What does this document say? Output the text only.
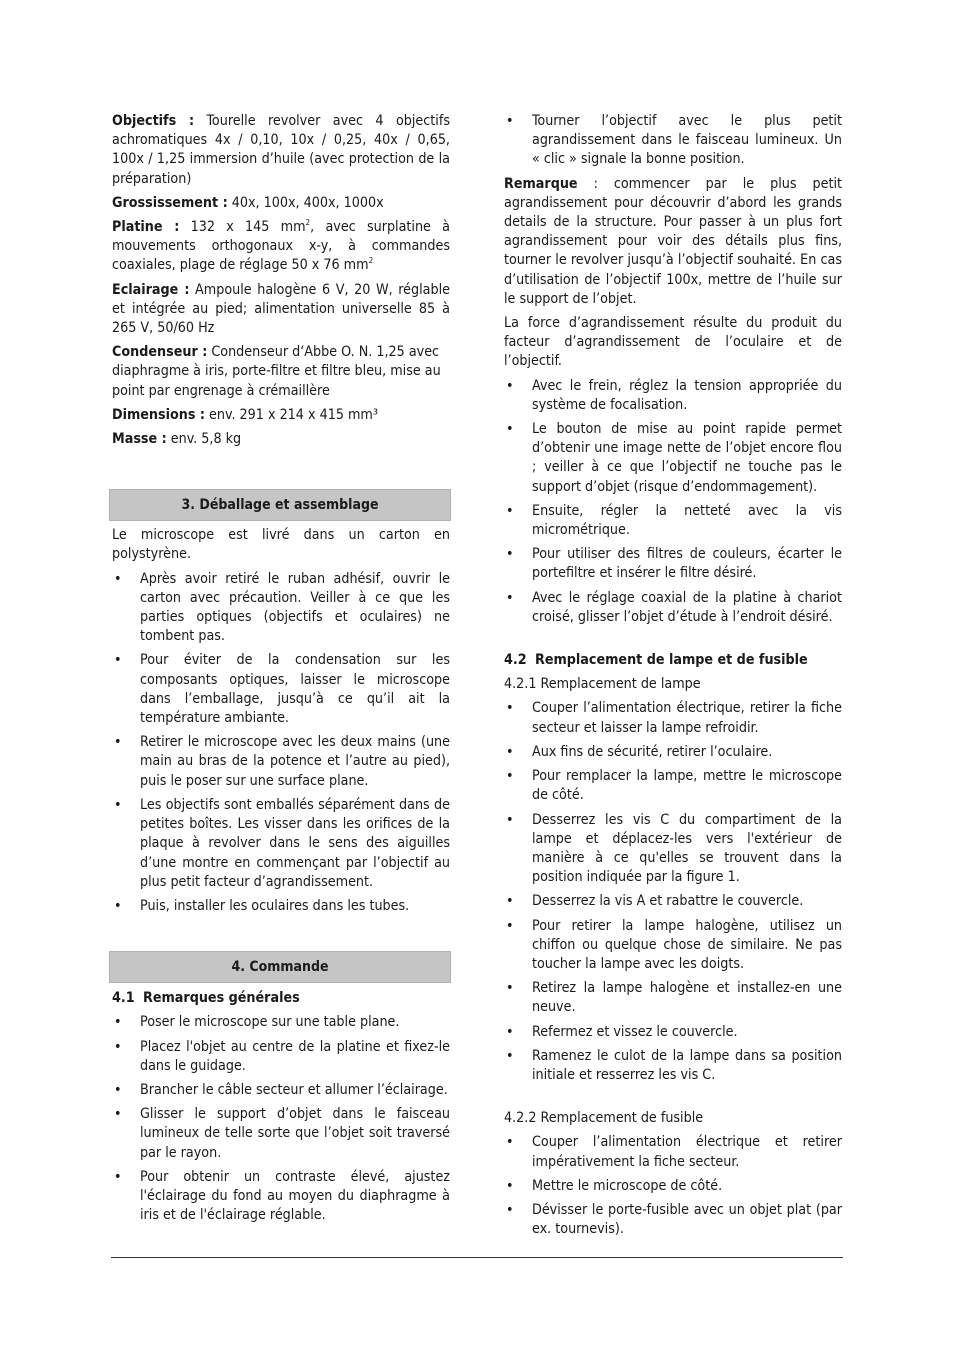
Objectifs : Tourelle revolver avec 4 objectifs achromatiques 4x / 0,10, 10x / 0,25, 40x / 0,65, 100x / 1,25 immersion d’huile (avec protection de la préparation)

Grossissement : 40x, 100x, 400x, 1000x

Platine : 132 x 145 $mm^2$, avec surplatine à mouvements orthogonaux x-y, à commandes coaxiales, plage de réglage 50 x 76 $mm^2$

Eclairage : Ampoule halogène 6 V, 20 W, réglable et intégrée au pied; alimentation universelle 85 à 265 V, 50/60 Hz

Condenseur : Condenseur d‘Abbe O. N. 1,25 avec diaphragme à iris, porte-filtre et filtre bleu, mise au point par engrenage à crémaillère

Dimensions : env. 291 x 214 x 415 mm³

Masse : env. 5,8 kg

3. Déballage et assemblage

Le microscope est livré dans un carton en polystyrène.

• Après avoir retiré le ruban adhésif, ouvrir le carton avec précaution. Veiller à ce que les parties optiques (objectifs et oculaires) ne tombent pas.
• Pour éviter de la condensation sur les composants optiques, laisser le microscope dans l’emballage, jusqu’à ce qu’il ait la température ambiante.
• Retirer le microscope avec les deux mains (une main au bras de la potence et l’autre au pied), puis le poser sur une surface plane.
• Les objectifs sont emballés séparément dans de petites boîtes. Les visser dans les orifices de la plaque à revolver dans le sens des aiguilles d’une montre en commençant par l’objectif au plus petit facteur d’agrandissement.
• Puis, installer les oculaires dans les tubes.
4. Commande
4.1 Remarques générales
• Poser le microscope sur une table plane.
• Placez l'objet au centre de la platine et fixez-le dans le guidage.
• Brancher le câble secteur et allumer l’éclairage.
• Glisser le support d’objet dans le faisceau lumineux de telle sorte que l’objet soit traversé par le rayon.
• Pour obtenir un contraste élevé, ajustez l'éclairage du fond au moyen du diaphragme à iris et de l'éclairage réglable.
• Tourner l’objectif avec le plus petit agrandissement dans le faisceau lumineux. Un « clic » signale la bonne position.

Remarque : commencer par le plus petit agrandissement pour découvrir d’abord les grands details de la structure. Pour passer à un plus fort agrandissement pour voir des détails plus fins, tourner le revolver jusqu’à l’objectif souhaité. En cas d’utilisation de l’objectif 100x, mettre de l’huile sur le support de l’objet.

La force d’agrandissement résulte du produit du facteur d’agrandissement de l’oculaire et de l’objectif.

• Avec le frein, réglez la tension appropriée du système de focalisation.
• Le bouton de mise au point rapide permet d’obtenir une image nette de l’objet encore flou ; veiller à ce que l’objectif ne touche pas le support d’objet (risque d’endommagement).
• Ensuite, régler la netteté avec la vis micrométrique.
• Pour utiliser des filtres de couleurs, écarter le portefiltre et insérer le filtre désiré.
• Avec le réglage coaxial de la platine à chariot croisé, glisser l’objet d’étude à l’endroit désiré.
4.2 Remplacement de lampe et de fusible
4.2.1 Remplacement de lampe
• Couper l’alimentation électrique, retirer la fiche secteur et laisser la lampe refroidir.
• Aux fins de sécurité, retirer l’oculaire.
• Pour remplacer la lampe, mettre le microscope de côté.
• Desserrez les vis C du compartiment de la lampe et déplacez-les vers l'extérieur de manière à ce qu'elles se trouvent dans la position indiquée par la figure 1.
• Desserrez la vis A et rabattre le couvercle.
• Pour retirer la lampe halogène, utilisez un chiffon ou quelque chose de similaire. Ne pas toucher la lampe avec les doigts.
• Retirez la lampe halogène et installez-en une neuve.
• Refermez et vissez le couvercle.
• Ramenez le culot de la lampe dans sa position initiale et resserrez les vis C.
4.2.2 Remplacement de fusible
• Couper l’alimentation électrique et retirer impérativement la fiche secteur.
• Mettre le microscope de côté.
• Dévisser le porte-fusible avec un objet plat (par ex. tournevis).
